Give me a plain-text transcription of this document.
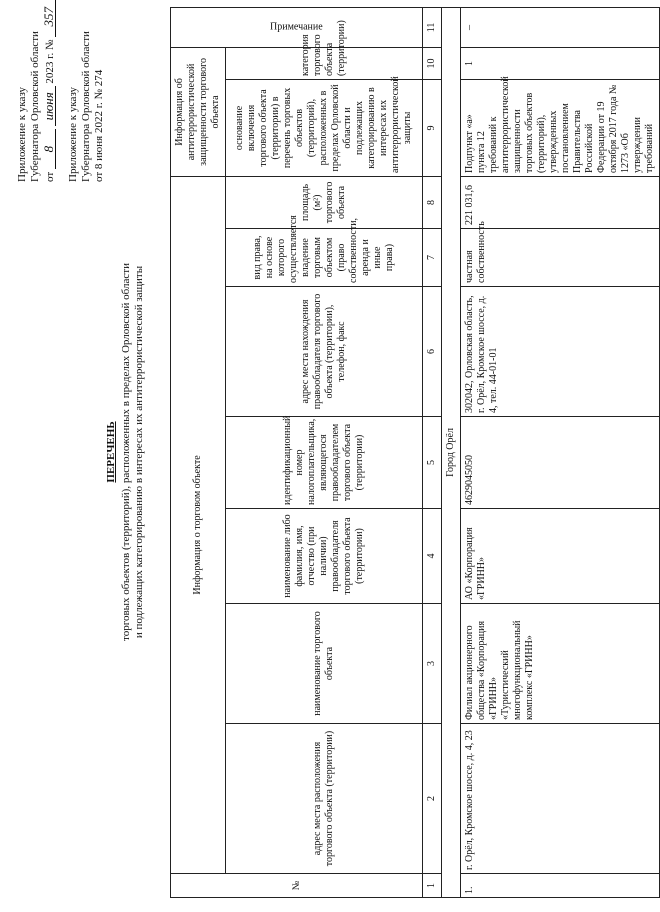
Приложение к указу Губернатора Орловской области от 8 июня 2023 г. № 357
Приложение к указу Губернатора Орловской области от 8 июня 2022 г. № 274
ПЕРЕЧЕНЬ торговых объектов (территорий), расположенных в пределах Орловской области и подлежащих категорированию в интересах их антитеррористической защиты
№	Информация о торговом объекте							Информация об антитеррористической защищенности торгового объекта		Примечание

	адрес места расположения торгового объекта (территории)	наименование торгового объекта	наименование либо фамилия, имя, отчество (при наличии) правообладателя торгового объекта (территории)	идентификационный номер налогоплательщика, являющегося правообладателем торгового объекта (территории)	адрес места нахождения правообладателя торгового объекта (территории), телефон, факс	вид права, на основе которого осуществляется владение торговым объектом (право собственности, аренда и иные права)	площадь (м²) торгового объекта	основание включения торгового объекта (территории) в перечень торговых объектов (территорий), расположенных в пределах Орловской области и подлежащих категорированию в интересах их антитеррористической защиты	категория торгового объекта (территории)	
1	2	3	4	5	6	7	8	9	10	11
Город Орёл										
1.	г. Орёл, Кромское шоссе, д. 4, 23	Филиал акционерного общества «Корпорация «ГРИНН» «Туристический многофункциональный комплекс «ГРИНН»	АО «Корпорация «ГРИНН»	4629045050	302042, Орловская область, г. Орёл, Кромское шоссе, д. 4, тел. 44-01-01	частная собственность	221 031,6	Подпункт «a» пункта 12 требований к антитеррористической защищенности торговых объектов (территорий), утвержденных постановлением Правительства Российской Федерации от 19 октября 2017 года № 1273 «Об утверждении требований	1	–
